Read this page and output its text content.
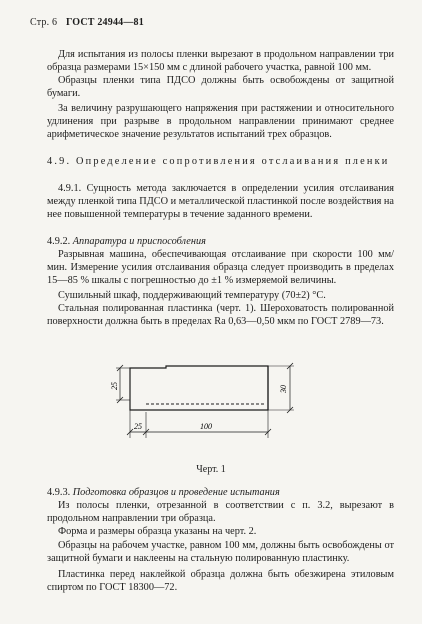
Стр. 6 ГОСТ 24944—81

Для испытания из полосы пленки вырезают в продольном направлении три образца размерами 15×150 мм с длиной рабочего участка, равной 100 мм.

Образцы пленки типа ПДСО должны быть освобождены от защитной бумаги.

За величину разрушающего напряжения при растяжении и относительного удлинения при разрыве в продольном направлении принимают среднее арифметическое значение результатов испытаний трех образцов.

4.9. Определение сопротивления отслаивания пленки

4.9.1. Сущность метода заключается в определении усилия отслаивания между пленкой типа ПДСО и металлической пластинкой после воздействия на нее повышенной температуры в течение заданного времени.

4.9.2. Аппаратура и приспособления

Разрывная машина, обеспечивающая отслаивание при скорости 100 мм/мин. Измерение усилия отслаивания образца следует производить в пределах 15—85 % шкалы с погрешностью до ±1 % измеряемой величины.

Сушильный шкаф, поддерживающий температуру (70±2) °С.

Стальная полированная пластинка (черт. 1). Шероховатость полированной поверхности должна быть в пределах Ra 0,63—0,50 мкм по ГОСТ 2789—73.

25	30
25	100
Черт. 1

4.9.3. Подготовка образцов и проведение испытания

Из полосы пленки, отрезанной в соответствии с п. 3.2, вырезают в продольном направлении три образца.

Форма и размеры образца указаны на черт. 2.

Образцы на рабочем участке, равном 100 мм, должны быть освобождены от защитной бумаги и наклеены на стальную полированную пластинку.

Пластинка перед наклейкой образца должна быть обезжирена этиловым спиртом по ГОСТ 18300—72.
